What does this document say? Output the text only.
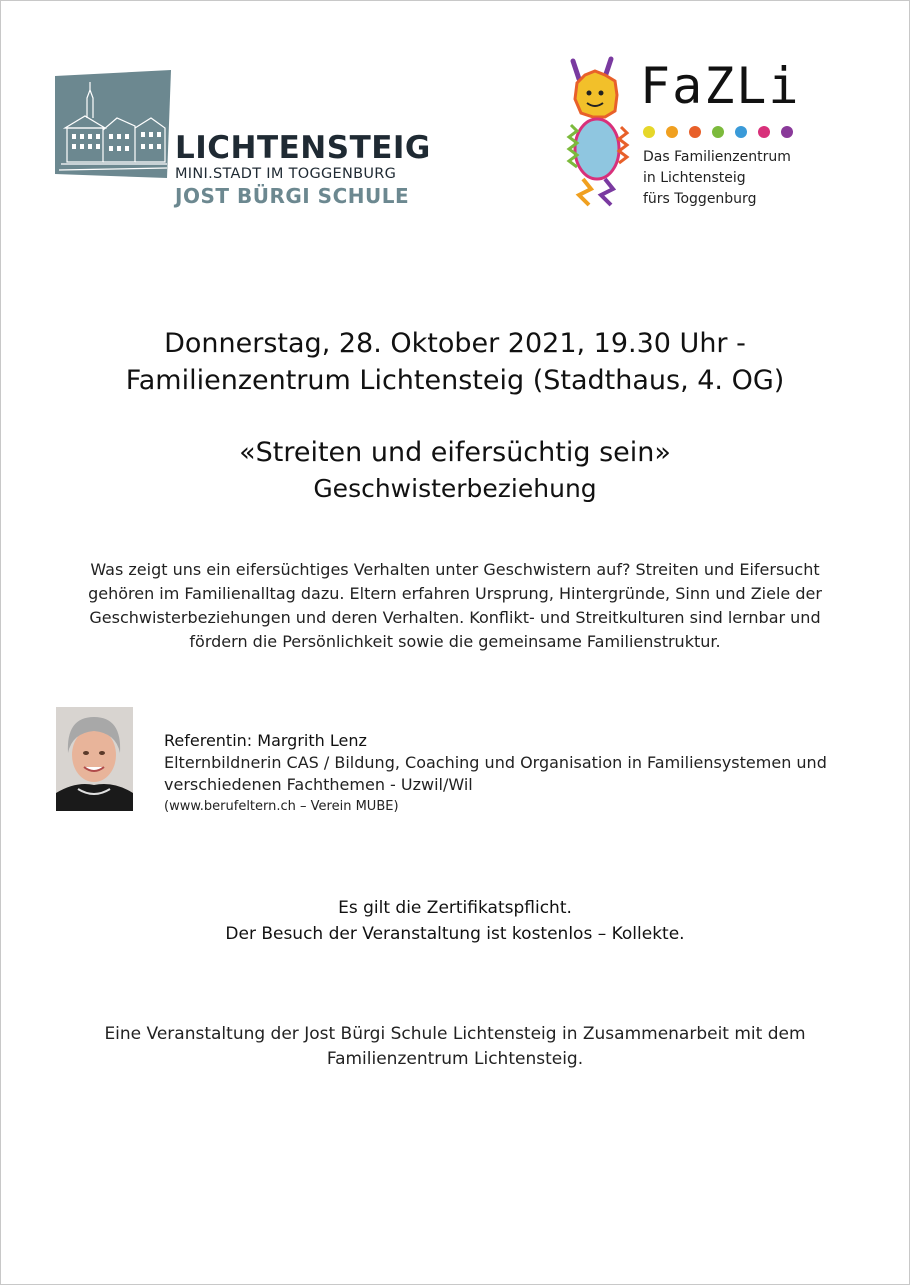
LICHTENSTEIG
MINI.STADT IM TOGGENBURG
JOST BÜRGI SCHULE
FaZLi
Das Familienzentrum
in Lichtensteig
fürs Toggenburg
Donnerstag, 28. Oktober 2021, 19.30 Uhr -
Familienzentrum Lichtensteig (Stadthaus, 4. OG)
«Streiten und eifersüchtig sein»
Geschwisterbeziehung
Was zeigt uns ein eifersüchtiges Verhalten unter Geschwistern auf? Streiten und Eifersucht gehören im Familienalltag dazu. Eltern erfahren Ursprung, Hintergründe, Sinn und Ziele der Geschwisterbeziehungen und deren Verhalten. Konflikt- und Streitkulturen sind lernbar und fördern die Persönlichkeit sowie die gemeinsame Familienstruktur.
Referentin: Margrith Lenz
Elternbildnerin CAS / Bildung, Coaching und Organisation in Familiensystemen und verschiedenen Fachthemen - Uzwil/Wil
(www.berufeltern.ch – Verein MUBE)
Es gilt die Zertifikatspflicht.
Der Besuch der Veranstaltung ist kostenlos – Kollekte.
Eine Veranstaltung der Jost Bürgi Schule Lichtensteig in Zusammenarbeit mit dem Familienzentrum Lichtensteig.
